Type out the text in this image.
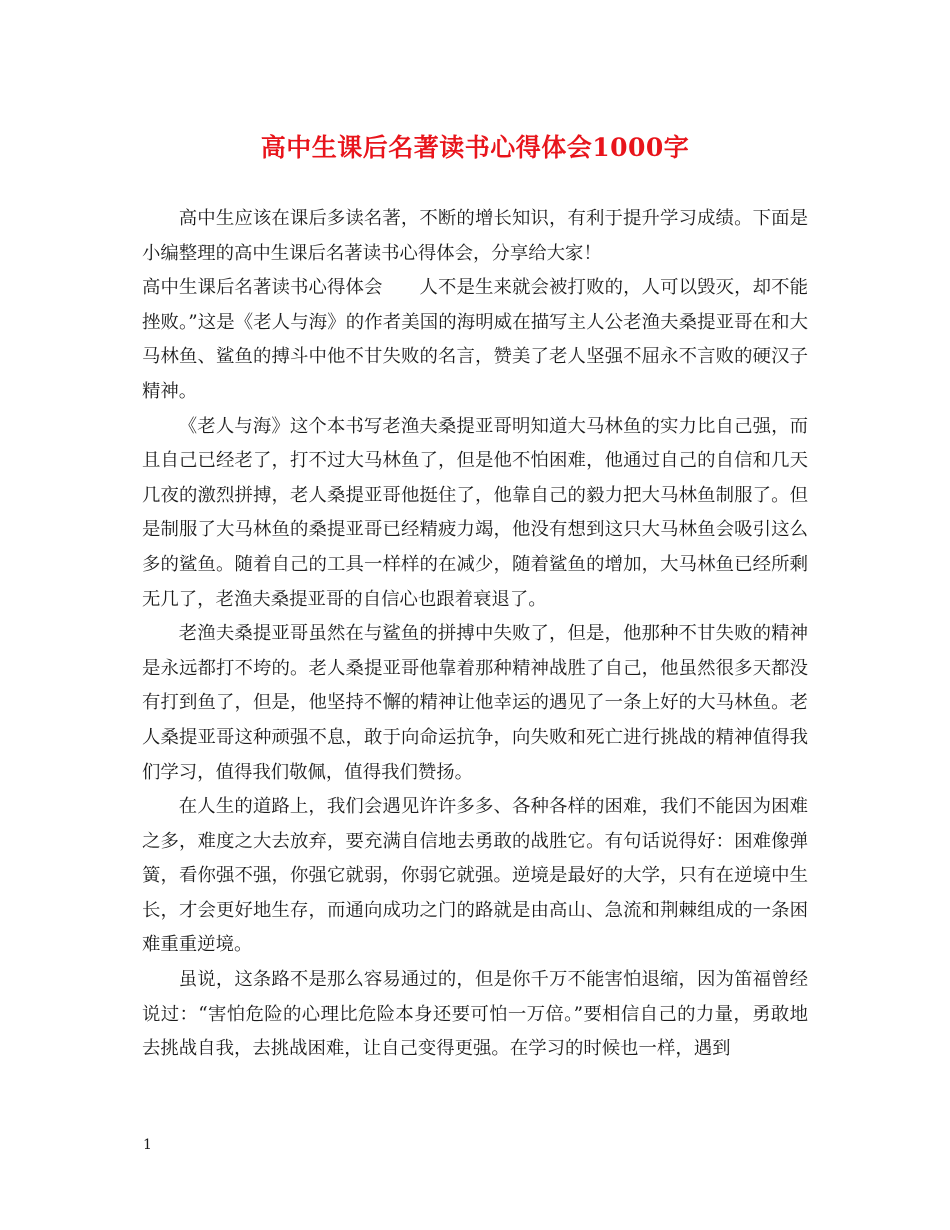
高中生课后名著读书心得体会1000字

高中生应该在课后多读名著，不断的增长知识，有利于提升学习成绩。下面是小编整理的高中生课后名著读书心得体会，分享给大家！

高中生课后名著读书心得体会　　人不是生来就会被打败的，人可以毁灭，却不能挫败。”这是《老人与海》的作者美国的海明威在描写主人公老渔夫桑提亚哥在和大马林鱼、鲨鱼的搏斗中他不甘失败的名言，赞美了老人坚强不屈永不言败的硬汉子精神。

《老人与海》这个本书写老渔夫桑提亚哥明知道大马林鱼的实力比自己强，而且自己已经老了，打不过大马林鱼了，但是他不怕困难，他通过自己的自信和几天几夜的激烈拼搏，老人桑提亚哥他挺住了，他靠自己的毅力把大马林鱼制服了。但是制服了大马林鱼的桑提亚哥已经精疲力竭，他没有想到这只大马林鱼会吸引这么多的鲨鱼。随着自己的工具一样样的在减少，随着鲨鱼的增加，大马林鱼已经所剩无几了，老渔夫桑提亚哥的自信心也跟着衰退了。

老渔夫桑提亚哥虽然在与鲨鱼的拼搏中失败了，但是，他那种不甘失败的精神是永远都打不垮的。老人桑提亚哥他靠着那种精神战胜了自己，他虽然很多天都没有打到鱼了，但是，他坚持不懈的精神让他幸运的遇见了一条上好的大马林鱼。老人桑提亚哥这种顽强不息，敢于向命运抗争，向失败和死亡进行挑战的精神值得我们学习，值得我们敬佩，值得我们赞扬。

在人生的道路上，我们会遇见许许多多、各种各样的困难，我们不能因为困难之多，难度之大去放弃，要充满自信地去勇敢的战胜它。有句话说得好：困难像弹簧，看你强不强，你强它就弱，你弱它就强。逆境是最好的大学，只有在逆境中生长，才会更好地生存，而通向成功之门的路就是由高山、急流和荆棘组成的一条困难重重逆境。

虽说，这条路不是那么容易通过的，但是你千万不能害怕退缩，因为笛福曾经说过：“害怕危险的心理比危险本身还要可怕一万倍。”要相信自己的力量，勇敢地去挑战自我，去挑战困难，让自己变得更强。在学习的时候也一样，遇到

1
